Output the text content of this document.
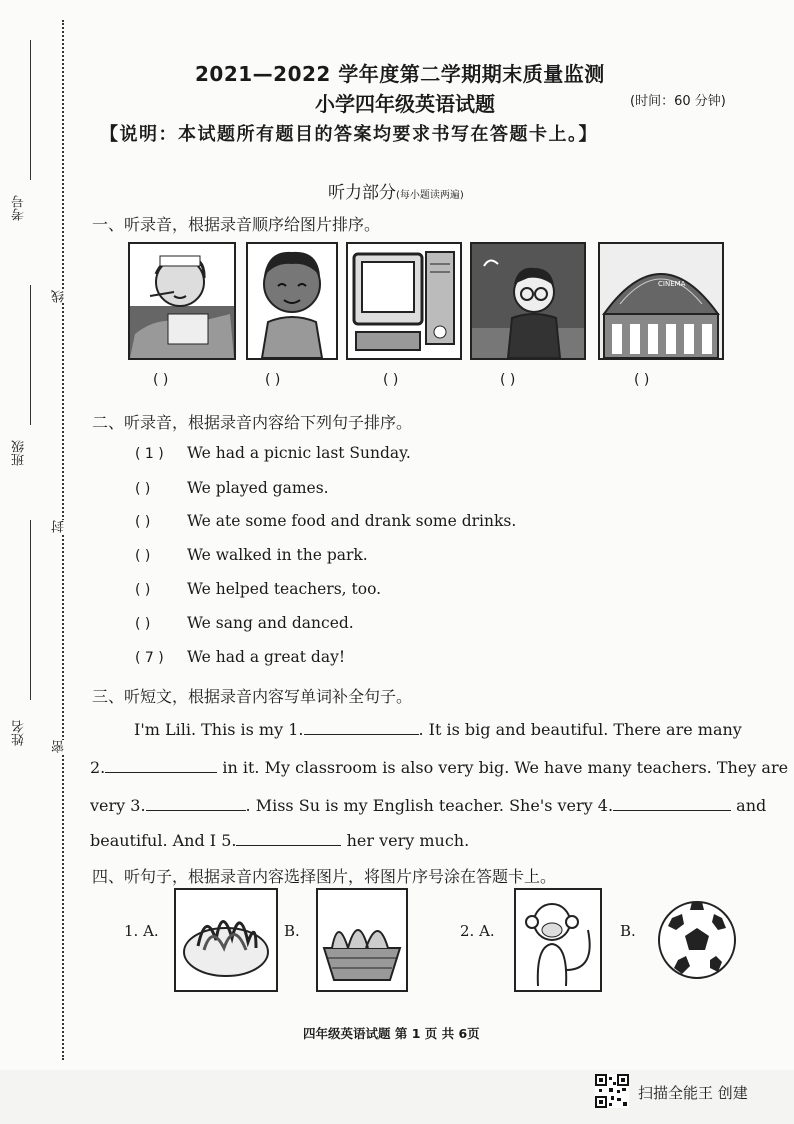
考号
班级
姓名
线
封
密
2021—2022 学年度第二学期期末质量监测
小学四年级英语试题	(时间：60 分钟)
【说明：本试题所有题目的答案均要求书写在答题卡上。】
听力部分(每小题读两遍)
一、听录音，根据录音顺序给图片排序。
CINEMA
( )	( )	( )	( )	( )
二、听录音，根据录音内容给下列句子排序。
( 1 ) We had a picnic last Sunday.
( ) We played games.
( ) We ate some food and drank some drinks.
( ) We walked in the park.
( ) We helped teachers, too.
( ) We sang and danced.
( 7 ) We had a great day!
三、听短文，根据录音内容写单词补全句子。
I'm Lili. This is my 1.	. It is big and beautiful. There are many
2.	in it. My classroom is also very big. We have many teachers. They are
very 3.	. Miss Su is my English teacher. She's very 4.	and
beautiful. And I 5.	her very much.
四、听句子，根据录音内容选择图片，将图片序号涂在答题卡上。
1. A.	B.	2. A.	B.
四年级英语试题 第 1 页 共 6页
扫描全能王 创建
